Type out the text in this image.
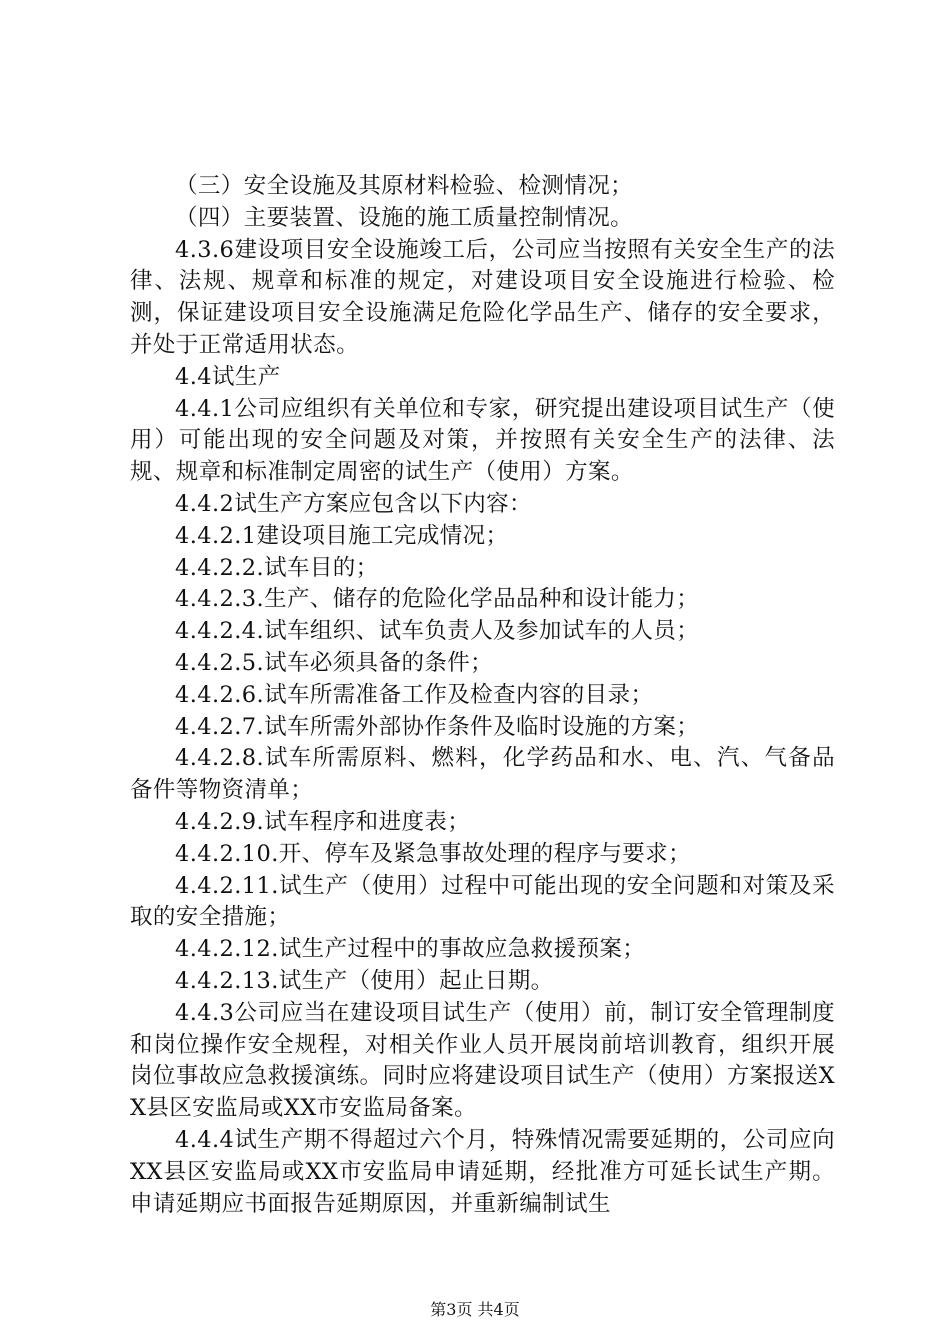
（三）安全设施及其原材料检验、检测情况；

（四）主要装置、设施的施工质量控制情况。

4.3.6建设项目安全设施竣工后，公司应当按照有关安全生产的法律、法规、规章和标准的规定，对建设项目安全设施进行检验、检测，保证建设项目安全设施满足危险化学品生产、储存的安全要求，并处于正常适用状态。

4.4试生产

4.4.1公司应组织有关单位和专家，研究提出建设项目试生产（使用）可能出现的安全问题及对策，并按照有关安全生产的法律、法规、规章和标准制定周密的试生产（使用）方案。

4.4.2试生产方案应包含以下内容：

4.4.2.1建设项目施工完成情况；

4.4.2.2.试车目的；

4.4.2.3.生产、储存的危险化学品品种和设计能力；

4.4.2.4.试车组织、试车负责人及参加试车的人员；

4.4.2.5.试车必须具备的条件；

4.4.2.6.试车所需准备工作及检查内容的目录；

4.4.2.7.试车所需外部协作条件及临时设施的方案；

4.4.2.8.试车所需原料、燃料，化学药品和水、电、汽、气备品备件等物资清单；

4.4.2.9.试车程序和进度表；

4.4.2.10.开、停车及紧急事故处理的程序与要求；

4.4.2.11.试生产（使用）过程中可能出现的安全问题和对策及采取的安全措施；

4.4.2.12.试生产过程中的事故应急救援预案；

4.4.2.13.试生产（使用）起止日期。

4.4.3公司应当在建设项目试生产（使用）前，制订安全管理制度和岗位操作安全规程，对相关作业人员开展岗前培训教育，组织开展岗位事故应急救援演练。同时应将建设项目试生产（使用）方案报送XX县区安监局或XX市安监局备案。

4.4.4试生产期不得超过六个月，特殊情况需要延期的，公司应向XX县区安监局或XX市安监局申请延期，经批准方可延长试生产期。申请延期应书面报告延期原因，并重新编制试生

第3页 共4页
